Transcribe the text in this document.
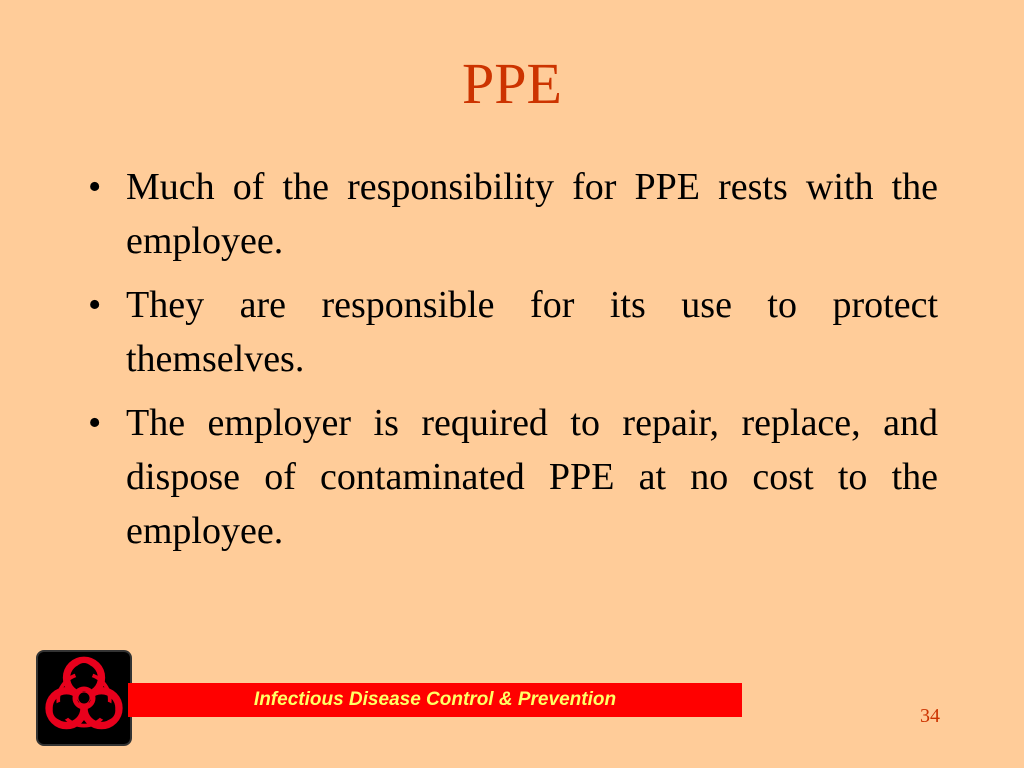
PPE
• Much of the responsibility for PPE rests with the employee.
• They are responsible for its use to protect themselves.
• The employer is required to repair, replace, and dispose of contaminated PPE at no cost to the employee.
Infectious Disease Control & Prevention
34
